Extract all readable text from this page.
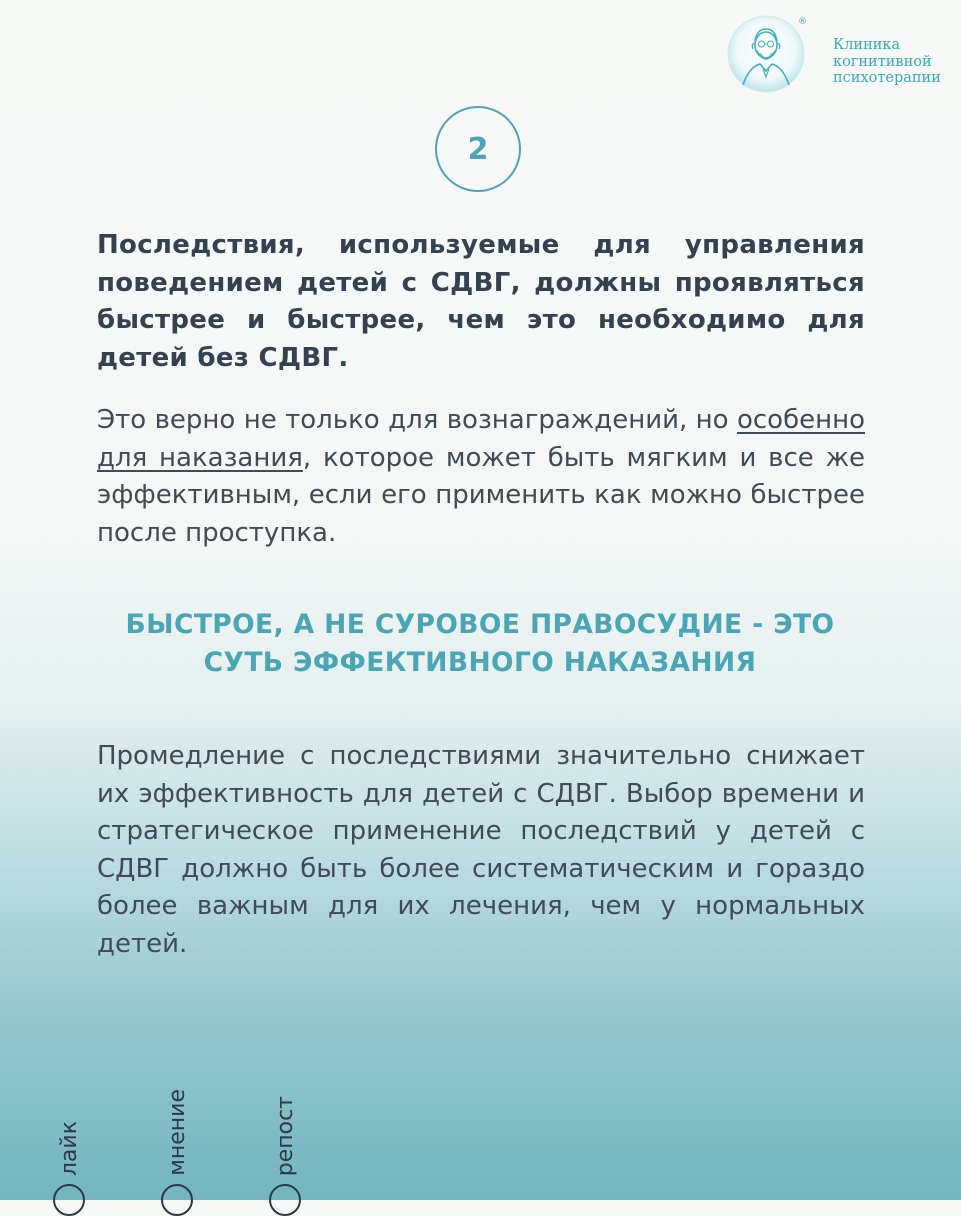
®
Клиника
когнитивной
психотерапии
2
Последствия, используемые для управления поведением детей с СДВГ, должны проявляться быстрее и быстрее, чем это необходимо для детей без СДВГ.
Это верно не только для вознаграждений, но особенно для наказания, которое может быть мягким и все же эффективным, если его применить как можно быстрее после проступка.
БЫСТРОЕ, А НЕ СУРОВОЕ ПРАВОСУДИЕ - ЭТО
СУТЬ ЭФФЕКТИВНОГО НАКАЗАНИЯ
Промедление с последствиями значительно снижает их эффективность для детей с СДВГ. Выбор времени и стратегическое применение последствий у детей с СДВГ должно быть более систематическим и гораздо более важным для их лечения, чем у нормальных детей.
лайк	мнение	репост
